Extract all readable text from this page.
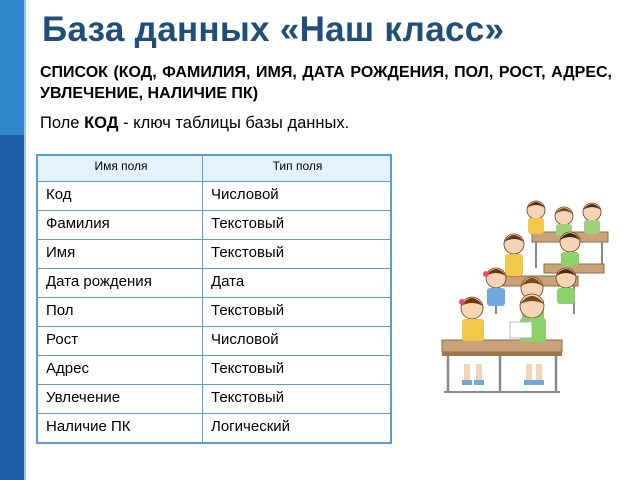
База данных «Наш класс»
СПИСОК (КОД, ФАМИЛИЯ, ИМЯ, ДАТА РОЖДЕНИЯ, ПОЛ, РОСТ, АДРЕС, УВЛЕЧЕНИЕ, НАЛИЧИЕ ПК)
Поле КОД - ключ таблицы базы данных.
Имя поля	Тип поля
Код	Числовой
Фамилия	Текстовый
Имя	Текстовый
Дата рождения	Дата
Пол	Текстовый
Рост	Числовой
Адрес	Текстовый
Увлечение	Текстовый
Наличие ПК	Логический
